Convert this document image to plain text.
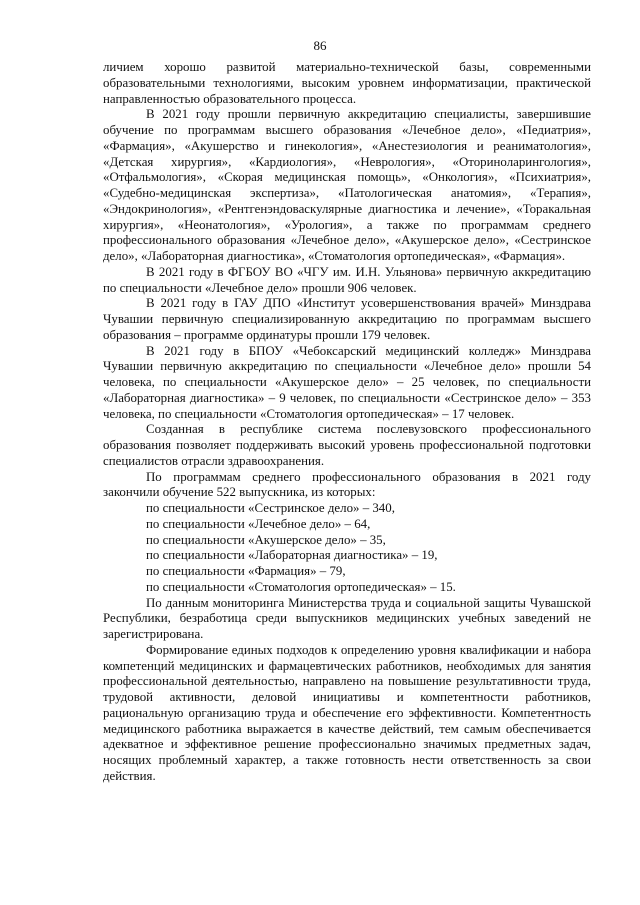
86

личием хорошо развитой материально-технической базы, современными образовательными технологиями, высоким уровнем информатизации, практической направленностью образовательного процесса.

В 2021 году прошли первичную аккредитацию специалисты, завершившие обучение по программам высшего образования «Лечебное дело», «Педиатрия», «Фармация», «Акушерство и гинекология», «Анестезиология и реаниматология», «Детская хирургия», «Кардиология», «Неврология», «Оториноларингология», «Отфальмология», «Скорая медицинская помощь», «Онкология», «Психиатрия», «Судебно-медицинская экспертиза», «Патологическая анатомия», «Терапия», «Эндокринология», «Рентгенэндоваскулярные диагностика и лечение», «Торакальная хирургия», «Неонатология», «Урология», а также по программам среднего профессионального образования «Лечебное дело», «Акушерское дело», «Сестринское дело», «Лабораторная диагностика», «Стоматология ортопедическая», «Фармация».

В 2021 году в ФГБОУ ВО «ЧГУ им. И.Н. Ульянова» первичную аккредитацию по специальности «Лечебное дело» прошли 906 человек.

В 2021 году в ГАУ ДПО «Институт усовершенствования врачей» Минздрава Чувашии первичную специализированную аккредитацию по программам высшего образования – программе ординатуры прошли 179 человек.

В 2021 году в БПОУ «Чебоксарский медицинский колледж» Минздрава Чувашии первичную аккредитацию по специальности «Лечебное дело» прошли 54 человека, по специальности «Акушерское дело» – 25 человек, по специальности «Лабораторная диагностика» – 9 человек, по специальности «Сестринское дело» – 353 человека, по специальности «Стоматология ортопедическая» – 17 человек.

Созданная в республике система послевузовского профессионального образования позволяет поддерживать высокий уровень профессиональной подготовки специалистов отрасли здравоохранения.

По программам среднего профессионального образования в 2021 году закончили обучение 522 выпускника, из которых:

по специальности «Сестринское дело» – 340,

по специальности «Лечебное дело» – 64,

по специальности «Акушерское дело» – 35,

по специальности «Лабораторная диагностика» – 19,

по специальности «Фармация» – 79,

по специальности «Стоматология ортопедическая» – 15.

По данным мониторинга Министерства труда и социальной защиты Чувашской Республики, безработица среди выпускников медицинских учебных заведений не зарегистрирована.

Формирование единых подходов к определению уровня квалификации и набора компетенций медицинских и фармацевтических работников, необходимых для занятия профессиональной деятельностью, направлено на повышение результативности труда, трудовой активности, деловой инициативы и компетентности работников, рациональную организацию труда и обеспечение его эффективности. Компетентность медицинского работника выражается в качестве действий, тем самым обеспечивается адекватное и эффективное решение профессионально значимых предметных задач, носящих проблемный характер, а также готовность нести ответственность за свои действия.
